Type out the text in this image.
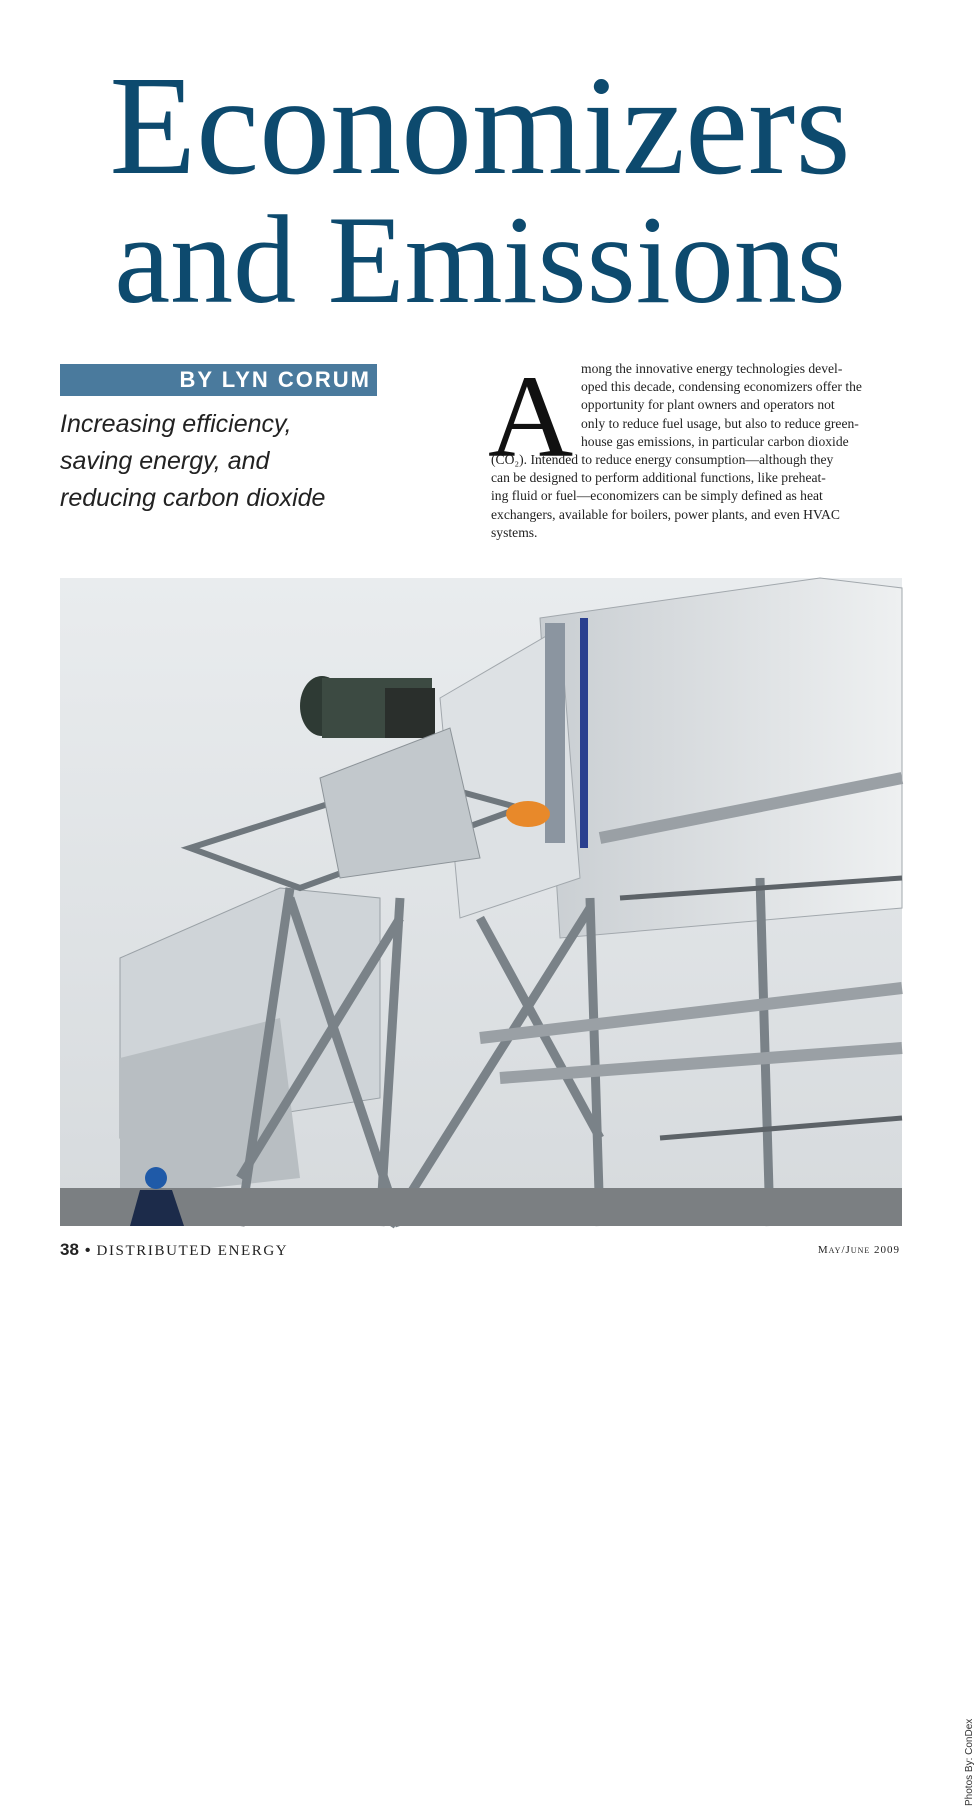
Economizers
and Emissions
BY LYN CORUM
Increasing efficiency,
saving energy, and
reducing carbon dioxide
A mong the innovative energy technologies devel-
oped this decade, condensing economizers offer the
opportunity for plant owners and operators not
only to reduce fuel usage, but also to reduce green-
house gas emissions, in particular carbon dioxide
(CO₂). Intended to reduce energy consumption—although they
can be designed to perform additional functions, like preheat-
ing fluid or fuel—economizers can be simply defined as heat
exchangers, available for boilers, power plants, and even HVAC
systems.
Photos By: ConDex
38 • DISTRIBUTED ENERGY	May/June 2009
